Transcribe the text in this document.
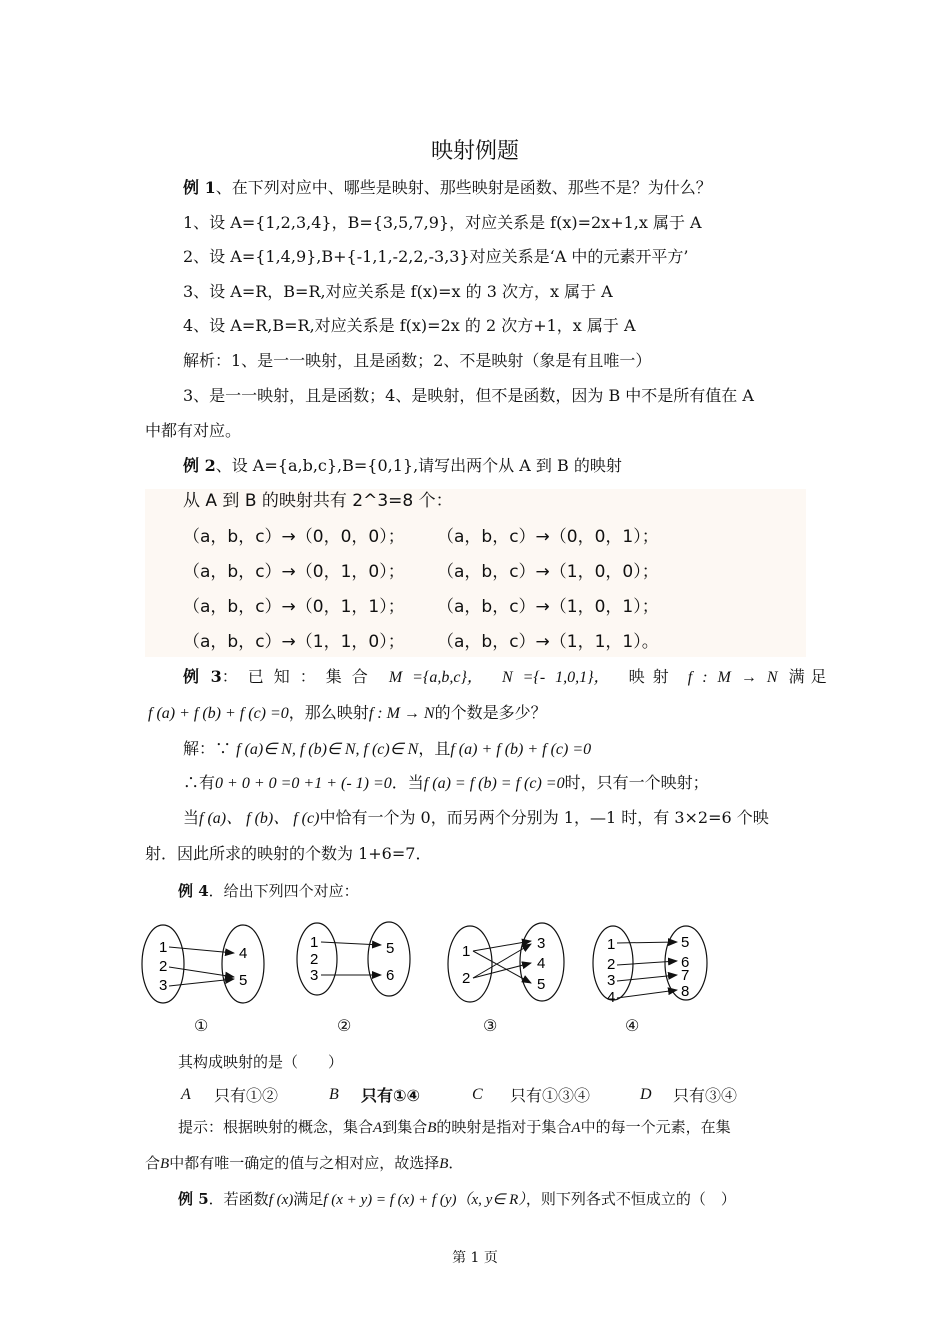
映射例题
例 1、在下列对应中、哪些是映射、那些映射是函数、那些不是？为什么？
1、设 A={1,2,3,4}，B={3,5,7,9}，对应关系是 f(x)=2x+1,x 属于 A
2、设 A={1,4,9},B+{-1,1,-2,2,-3,3}对应关系是‘A 中的元素开平方’
3、设 A=R，B=R,对应关系是 f(x)=x 的 3 次方，x 属于 A
4、设 A=R,B=R,对应关系是 f(x)=2x 的 2 次方+1，x 属于 A
解析：1、是一一映射，且是函数；2、不是映射（象是有且唯一）
3、是一一映射，且是函数；4、是映射，但不是函数，因为 B 中不是所有值在 A
中都有对应。
例 2、设 A={a,b,c},B={0,1},请写出两个从 A 到 B 的映射
从 A 到 B 的映射共有 2^3=8 个：
（a，b，c）→（0，0，0）； （a，b，c）→（0，0，1）；
（a，b，c）→（0，1，0）； （a，b，c）→（1，0，0）；
（a，b，c）→（0，1，1）； （a，b，c）→（1，0，1）；
（a，b，c）→（1，1，0）； （a，b，c）→（1，1，1）。
例 3：已知：集合 M ={a,b,c}， N ={- 1,0,1}， 映射 f : M → N 满足
f (a) + f (b) + f (c) =0，那么映射f : M → N的个数是多少？
解：∵ f (a)∈ N, f (b)∈ N, f (c)∈ N，且f (a) + f (b) + f (c) =0
∴有0 + 0 + 0 =0 +1 + (- 1) =0．当f (a) = f (b) = f (c) =0时，只有一个映射；
当f (a)、 f (b)、 f (c)中恰有一个为 0，而另两个分别为 1，—1 时，有 3×2=6 个映
射．因此所求的映射的个数为 1+6=7．
例 4．给出下列四个对应：
1
2
3
4
5
1
2
3
5
6
1
2
3
4
5
1
2
3
4
5
6
7
8
①	②	③	④
其构成映射的是（　　）
A 只有①②	B 只有①④	C 只有①③④	D 只有③④
提示：根据映射的概念，集合A到集合B的映射是指对于集合A中的每一个元素，在集
合B中都有唯一确定的值与之相对应，故选择B．
例 5．若函数f (x)满足f (x + y) = f (x) + f (y)（x, y∈ R），则下列各式不恒成立的（　）
第 1 页
